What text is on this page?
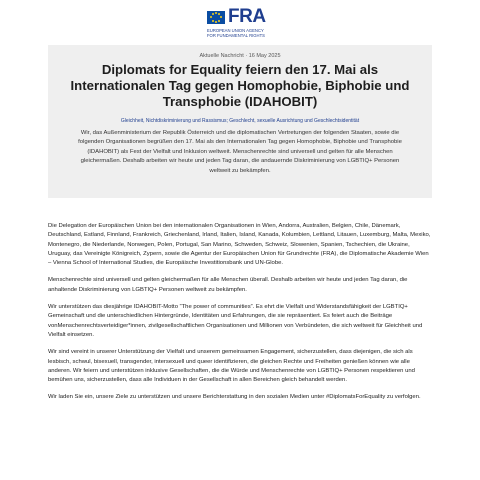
FRA
EUROPEAN UNION AGENCY
FOR FUNDAMENTAL RIGHTS
Aktuelle Nachricht · 16 May 2025
Diplomats for Equality feiern den 17. Mai als Internationalen Tag gegen Homophobie, Biphobie und Transphobie (IDAHOBIT)
Gleichheit, Nichtdiskriminierung und Rassismus; Geschlecht, sexuelle Ausrichtung und Geschlechtsidentität
Wir, das Außenministerium der Republik Österreich und die diplomatischen Vertretungen der folgenden Staaten, sowie die folgenden Organisationen begrüßen den 17. Mai als den Internationalen Tag gegen Homophobie, Biphobie und Transphobie (IDAHOBIT) als Fest der Vielfalt und Inklusion weltweit. Menschenrechte sind universell und gelten für alle Menschen gleichermaßen. Deshalb arbeiten wir heute und jeden Tag daran, die andauernde Diskriminierung von LGBTIQ+ Personen weltweit zu bekämpfen.

Die Delegation der Europäischen Union bei den internationalen Organisationen in Wien, Andorra, Australien, Belgien, Chile, Dänemark, Deutschland, Estland, Finnland, Frankreich, Griechenland, Irland, Italien, Island, Kanada, Kolumbien, Lettland, Litauen, Luxemburg, Malta, Mexiko, Montenegro, die Niederlande, Norwegen, Polen, Portugal, San Marino, Schweden, Schweiz, Slowenien, Spanien, Tschechien, die Ukraine, Uruguay, das Vereinigte Königreich, Zypern, sowie die Agentur der Europäischen Union für Grundrechte (FRA), die Diplomatische Akademie Wien – Vienna School of International Studies, die Europäische Investitionsbank und UN-Globe.

Menschenrechte sind universell und gelten gleichermaßen für alle Menschen überall. Deshalb arbeiten wir heute und jeden Tag daran, die anhaltende Diskriminierung von LGBTIQ+ Personen weltweit zu bekämpfen.

Wir unterstützen das diesjährige IDAHOBIT-Motto “The power of communities”. Es ehrt die Vielfalt und Widerstandsfähigkeit der LGBTIQ+ Gemeinschaft und die unterschiedlichen Hintergründe, Identitäten und Erfahrungen, die sie repräsentiert. Es feiert auch die Beiträge vonMenschenrechtsverteidiger*innen, zivilgesellschaftlichen Organisationen und Millionen von Verbündeten, die sich weltweit für Gleichheit und Vielfalt einsetzen.

Wir sind vereint in unserer Unterstützung der Vielfalt und unserem gemeinsamen Engagement, sicherzustellen, dass diejenigen, die sich als lesbisch, schwul, bisexuell, transgender, intersexuell und queer identifizieren, die gleichen Rechte und Freiheiten genießen können wie alle anderen. Wir feiern und unterstützen inklusive Gesellschaften, die die Würde und Menschenrechte von LGBTIQ+ Personen respektieren und bemühen uns, sicherzustellen, dass alle Individuen in der Gesellschaft in allen Bereichen gleich behandelt werden.

Wir laden Sie ein, unsere Ziele zu unterstützen und unsere Berichterstattung in den sozialen Medien unter #DiplomatsForEquality zu verfolgen.
